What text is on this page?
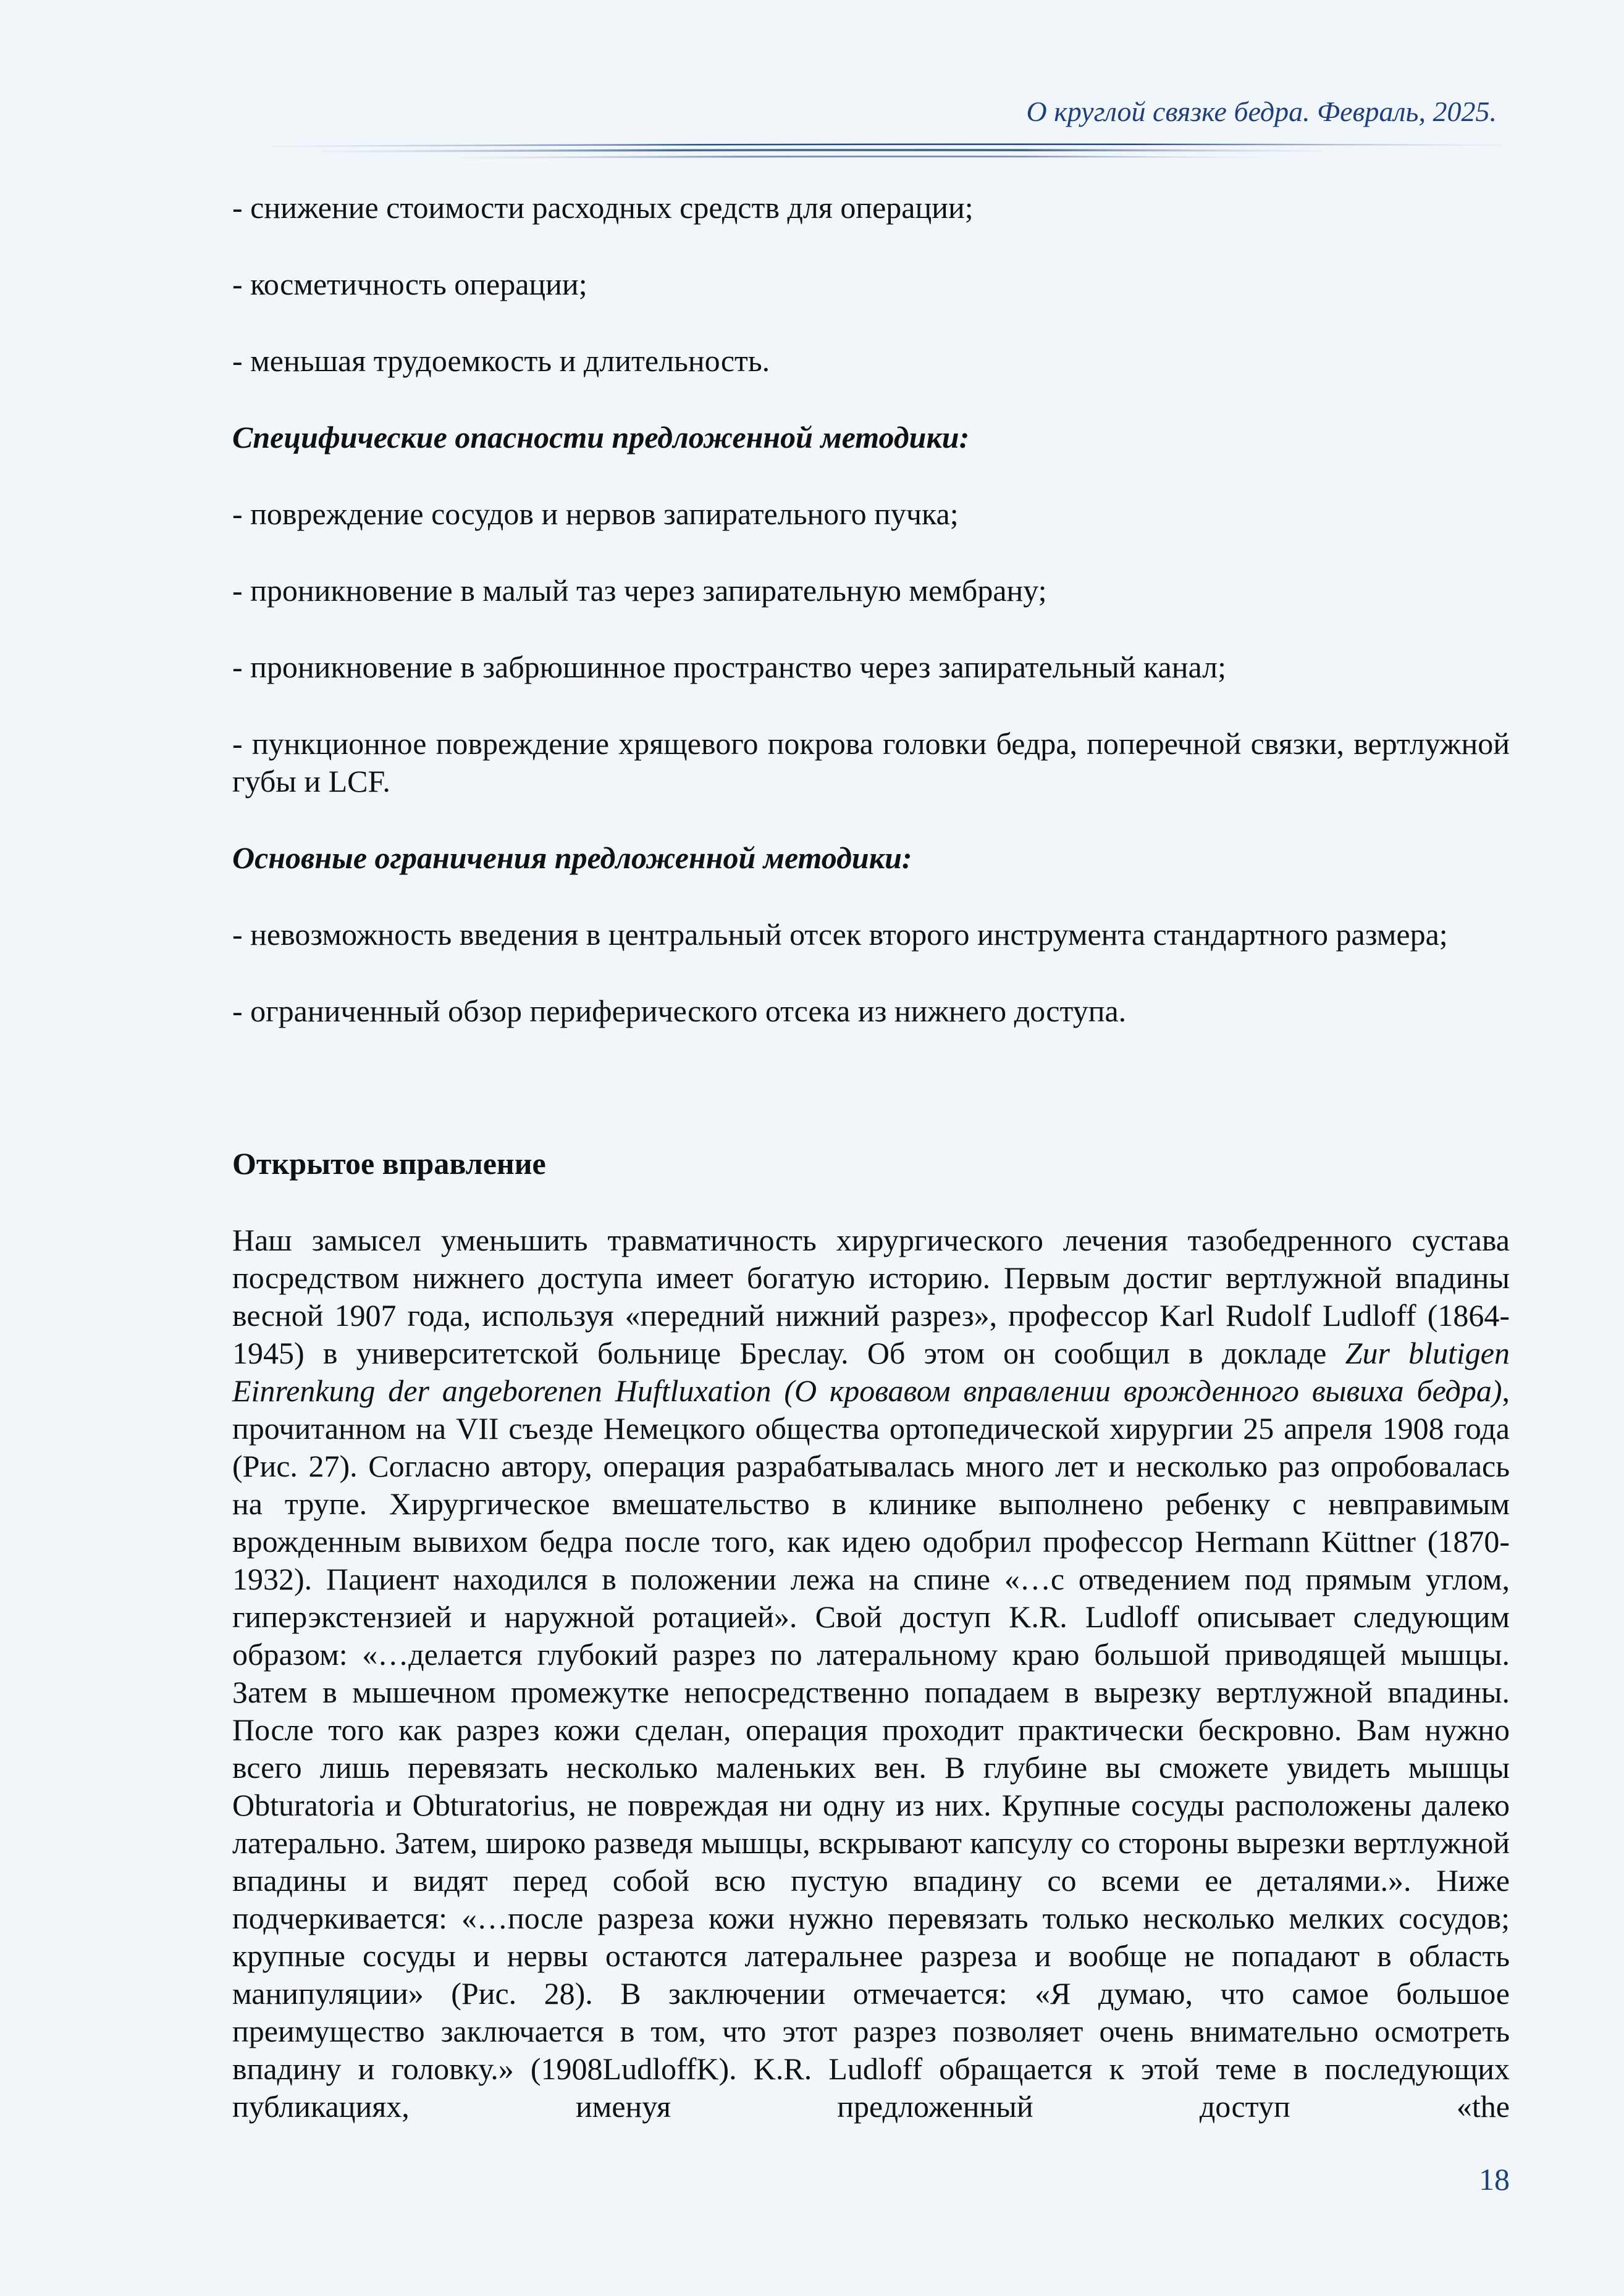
О круглой связке бедра. Февраль, 2025.

- снижение стоимости расходных средств для операции;

- косметичность операции;

- меньшая трудоемкость и длительность.

Специфические опасности предложенной методики:

- повреждение сосудов и нервов запирательного пучка;

- проникновение в малый таз через запирательную мембрану;

- проникновение в забрюшинное пространство через запирательный канал;

- пункционное повреждение хрящевого покрова головки бедра, поперечной связки, вертлужной губы и LCF.

Основные ограничения предложенной методики:

- невозможность введения в центральный отсек второго инструмента стандартного размера;

- ограниченный обзор периферического отсека из нижнего доступа.

Открытое вправление

Наш замысел уменьшить травматичность хирургического лечения тазобедренного сустава посредством нижнего доступа имеет богатую историю. Первым достиг вертлужной впадины весной 1907 года, используя «передний нижний разрез», профессор Karl Rudolf Ludloff (1864-1945) в университетской больнице Бреслау. Об этом он сообщил в докладе Zur blutigen Einrenkung der angeborenen Huftluxation (О кровавом вправлении врожденного вывиха бедра), прочитанном на VII съезде Немецкого общества ортопедической хирургии 25 апреля 1908 года (Рис. 27). Согласно автору, операция разрабатывалась много лет и несколько раз опробовалась на трупе. Хирургическое вмешательство в клинике выполнено ребенку с невправимым врожденным вывихом бедра после того, как идею одобрил профессор Hermann Küttner (1870-1932). Пациент находился в положении лежа на спине «…с отведением под прямым углом, гиперэкстензией и наружной ротацией». Свой доступ K.R. Ludloff описывает следующим образом: «…делается глубокий разрез по латеральному краю большой приводящей мышцы. Затем в мышечном промежутке непосредственно попадаем в вырезку вертлужной впадины. После того как разрез кожи сделан, операция проходит практически бескровно. Вам нужно всего лишь перевязать несколько маленьких вен. В глубине вы сможете увидеть мышцы Obturatoria и Obturatorius, не повреждая ни одну из них. Крупные сосуды расположены далеко латерально. Затем, широко разведя мышцы, вскрывают капсулу со стороны вырезки вертлужной впадины и видят перед собой всю пустую впадину со всеми ее деталями.». Ниже подчеркивается: «…после разреза кожи нужно перевязать только несколько мелких сосудов; крупные сосуды и нервы остаются латеральнее разреза и вообще не попадают в область манипуляции» (Рис. 28). В заключении отмечается: «Я думаю, что самое большое преимущество заключается в том, что этот разрез позволяет очень внимательно осмотреть впадину и головку.» (1908LudloffK). K.R. Ludloff обращается к этой теме в последующих публикациях, именуя предложенный доступ «the

18
